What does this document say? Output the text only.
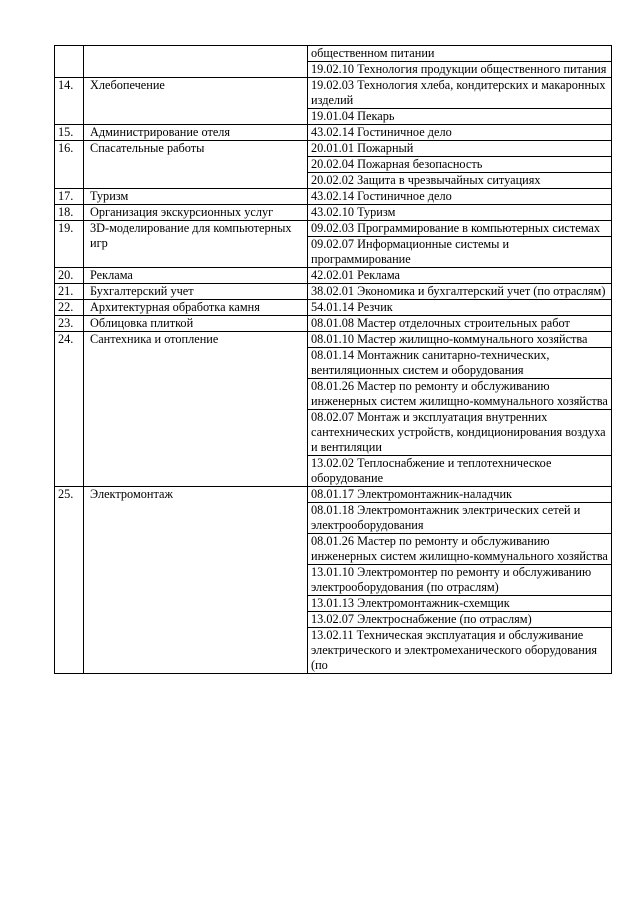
		общественном питании
		19.02.10 Технология продукции общественного питания
14.	Хлебопечение	19.02.03 Технология хлеба, кондитерских и макаронных изделий
		19.01.04 Пекарь
15.	Администрирование отеля	43.02.14 Гостиничное дело
16.	Спасательные работы	20.01.01 Пожарный
		20.02.04 Пожарная безопасность
		20.02.02 Защита в чрезвычайных ситуациях
17.	Туризм	43.02.14 Гостиничное дело
18.	Организация экскурсионных услуг	43.02.10 Туризм
19.	3D-моделирование для компьютерных игр	09.02.03 Программирование в компьютерных системах
		09.02.07 Информационные системы и программирование
20.	Реклама	42.02.01 Реклама
21.	Бухгалтерский учет	38.02.01 Экономика и бухгалтерский учет (по отраслям)
22.	Архитектурная обработка камня	54.01.14 Резчик
23.	Облицовка плиткой	08.01.08 Мастер отделочных строительных работ
24.	Сантехника и отопление	08.01.10 Мастер жилищно-коммунального хозяйства
		08.01.14 Монтажник санитарно-технических, вентиляционных систем и оборудования
		08.01.26 Мастер по ремонту и обслуживанию инженерных систем жилищно-коммунального хозяйства
		08.02.07 Монтаж и эксплуатация внутренних сантехнических устройств, кондиционирования воздуха и вентиляции
		13.02.02 Теплоснабжение и теплотехническое оборудование
25.	Электромонтаж	08.01.17 Электромонтажник-наладчик
		08.01.18 Электромонтажник электрических сетей и электрооборудования
		08.01.26 Мастер по ремонту и обслуживанию инженерных систем жилищно-коммунального хозяйства
		13.01.10 Электромонтер по ремонту и обслуживанию электрооборудования (по отраслям)
		13.01.13 Электромонтажник-схемщик
		13.02.07 Электроснабжение (по отраслям)
		13.02.11 Техническая эксплуатация и обслуживание электрического и электромеханического оборудования (по
